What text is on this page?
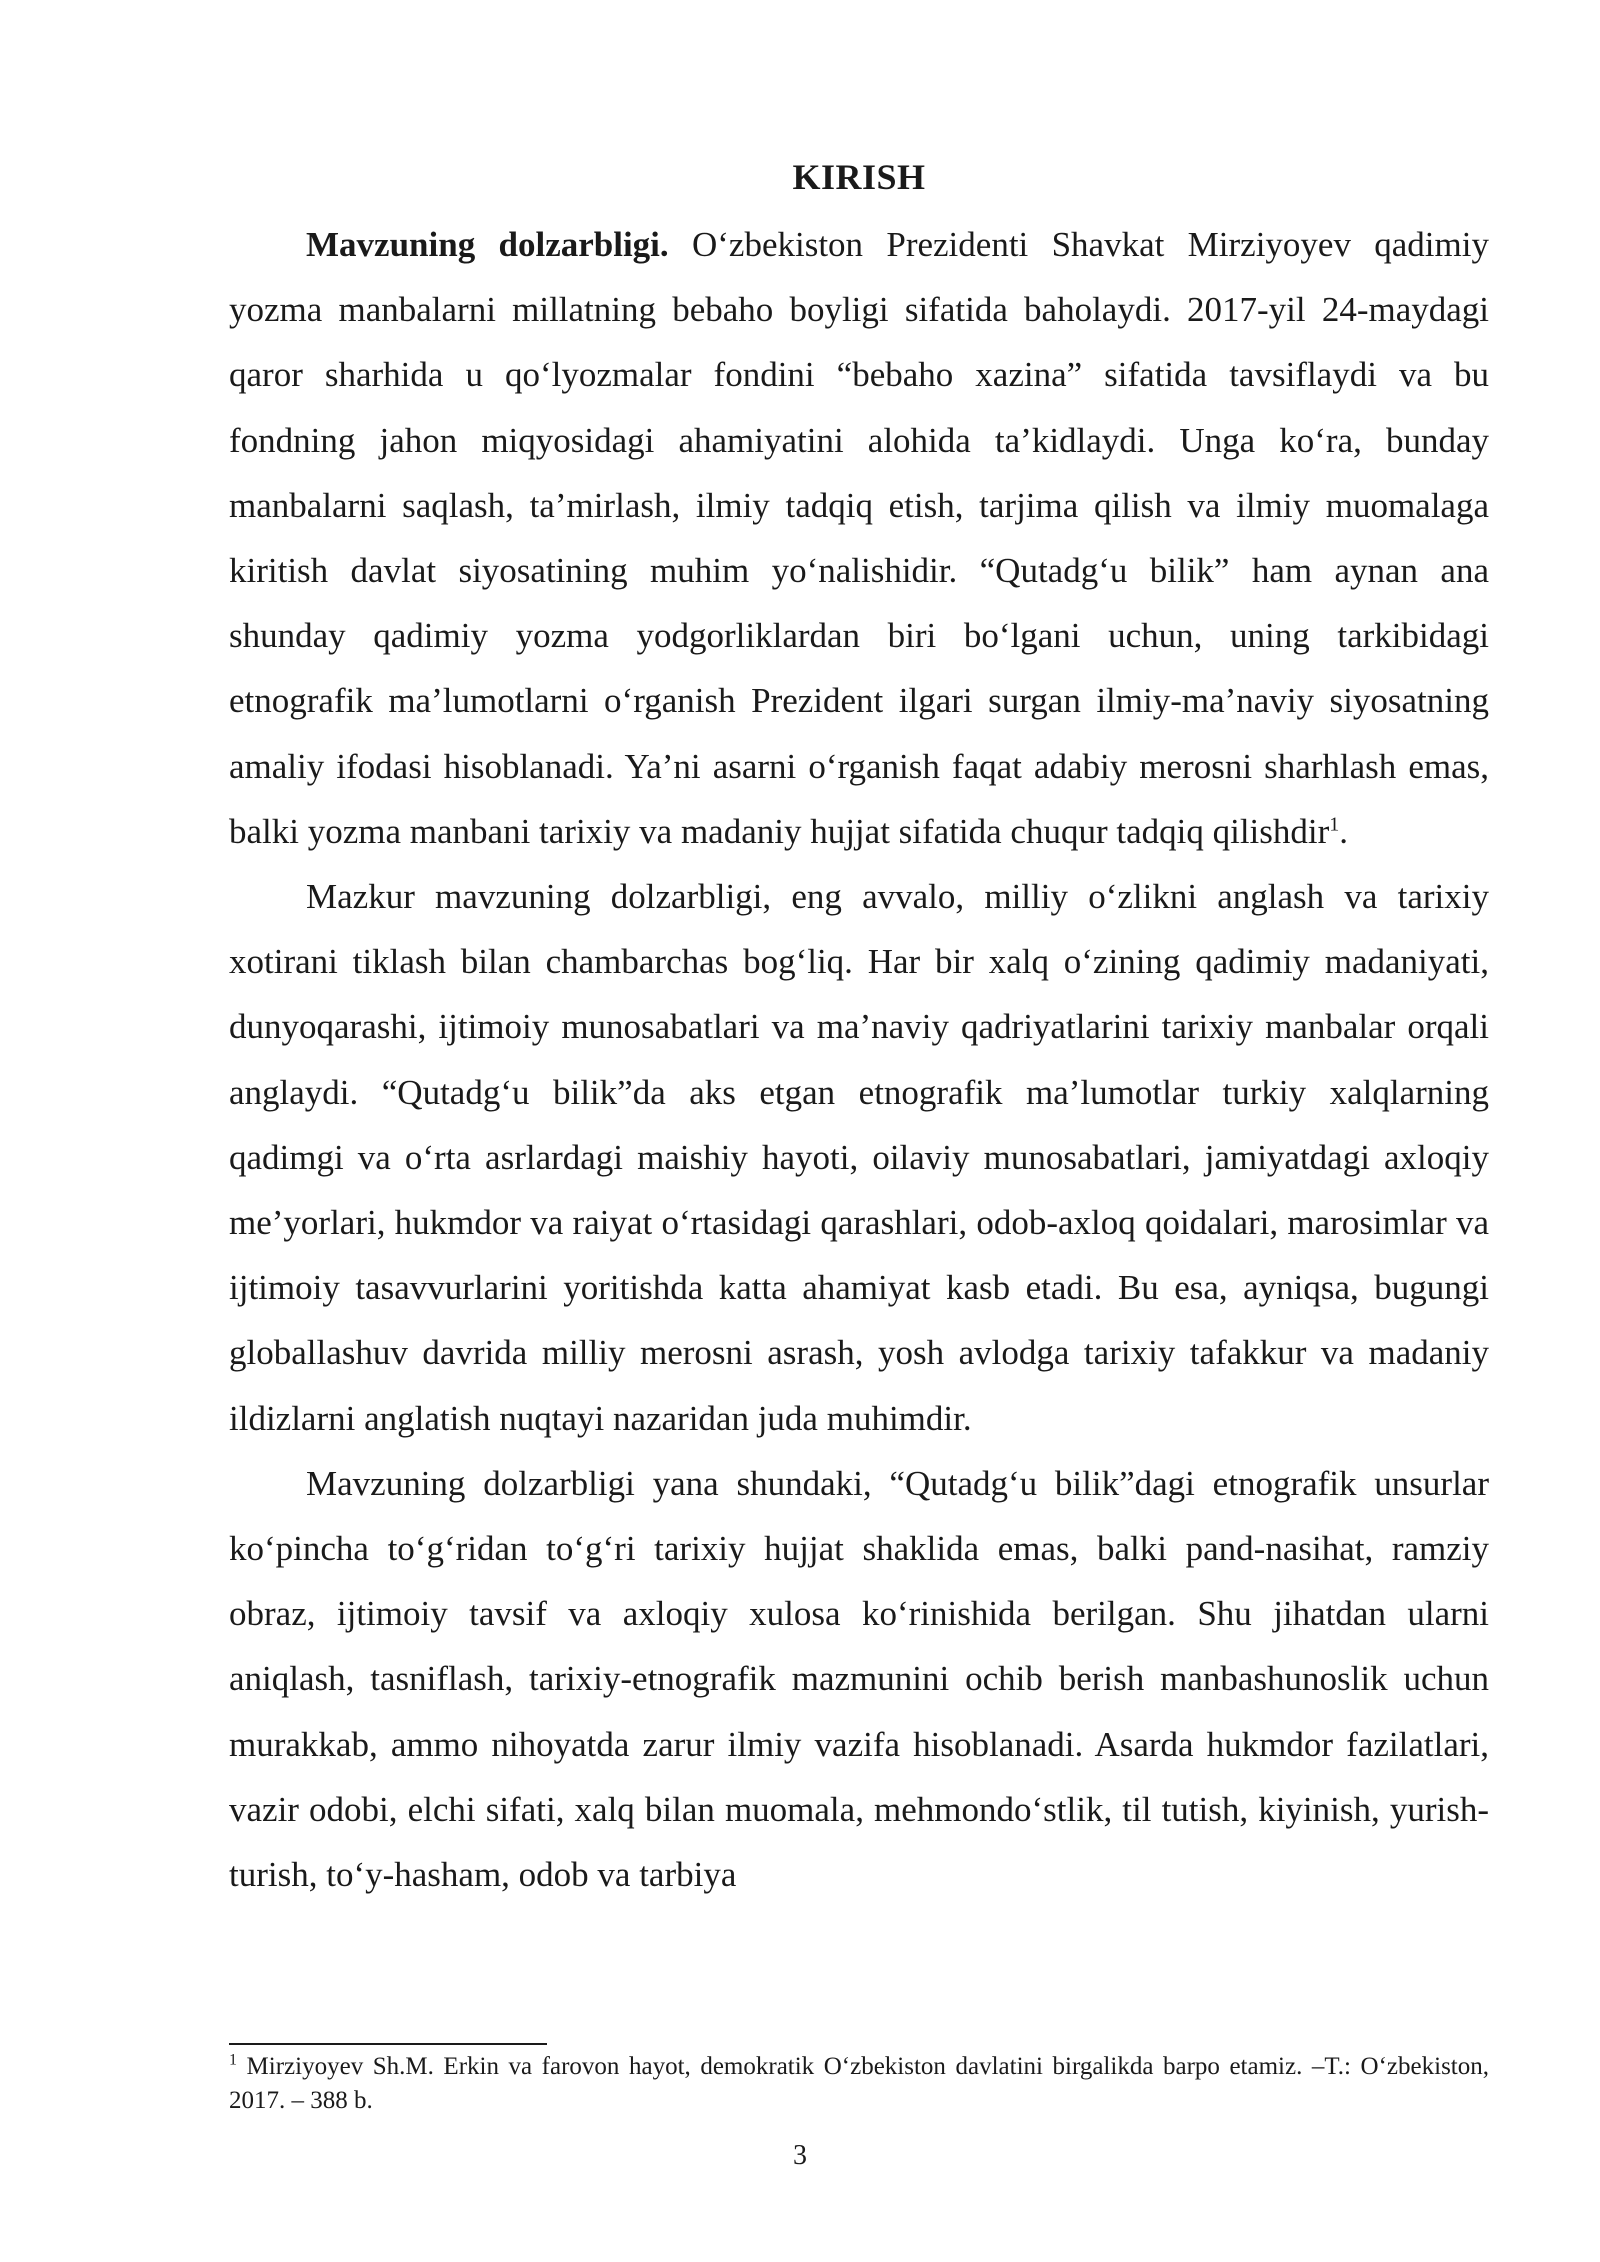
KIRISH

Mavzuning dolzarbligi. O‘zbekiston Prezidenti Shavkat Mirziyoyev qadimiy yozma manbalarni millatning bebaho boyligi sifatida baholaydi. 2017-yil 24-maydagi qaror sharhida u qo‘lyozmalar fondini “bebaho xazina” sifatida tavsiflaydi va bu fondning jahon miqyosidagi ahamiyatini alohida ta’kidlaydi. Unga ko‘ra, bunday manbalarni saqlash, ta’mirlash, ilmiy tadqiq etish, tarjima qilish va ilmiy muomalaga kiritish davlat siyosatining muhim yo‘nalishidir. “Qutadg‘u bilik” ham aynan ana shunday qadimiy yozma yodgorliklardan biri bo‘lgani uchun, uning tarkibidagi etnografik ma’lumotlarni o‘rganish Prezident ilgari surgan ilmiy-ma’naviy siyosatning amaliy ifodasi hisoblanadi. Ya’ni asarni o‘rganish faqat adabiy merosni sharhlash emas, balki yozma manbani tarixiy va madaniy hujjat sifatida chuqur tadqiq qilishdir$^1$.

Mazkur mavzuning dolzarbligi, eng avvalo, milliy o‘zlikni anglash va tarixiy xotirani tiklash bilan chambarchas bog‘liq. Har bir xalq o‘zining qadimiy madaniyati, dunyoqarashi, ijtimoiy munosabatlari va ma’naviy qadriyatlarini tarixiy manbalar orqali anglaydi. “Qutadg‘u bilik”da aks etgan etnografik ma’lumotlar turkiy xalqlarning qadimgi va o‘rta asrlardagi maishiy hayoti, oilaviy munosabatlari, jamiyatdagi axloqiy me’yorlari, hukmdor va raiyat o‘rtasidagi qarashlari, odob-axloq qoidalari, marosimlar va ijtimoiy tasavvurlarini yoritishda katta ahamiyat kasb etadi. Bu esa, ayniqsa, bugungi globallashuv davrida milliy merosni asrash, yosh avlodga tarixiy tafakkur va madaniy ildizlarni anglatish nuqtayi nazaridan juda muhimdir.

Mavzuning dolzarbligi yana shundaki, “Qutadg‘u bilik”dagi etnografik unsurlar ko‘pincha to‘g‘ridan to‘g‘ri tarixiy hujjat shaklida emas, balki pand-nasihat, ramziy obraz, ijtimoiy tavsif va axloqiy xulosa ko‘rinishida berilgan. Shu jihatdan ularni aniqlash, tasniflash, tarixiy-etnografik mazmunini ochib berish manbashunoslik uchun murakkab, ammo nihoyatda zarur ilmiy vazifa hisoblanadi. Asarda hukmdor fazilatlari, vazir odobi, elchi sifati, xalq bilan muomala, mehmondo‘stlik, til tutish, kiyinish, yurish-turish, to‘y-hasham, odob va tarbiya

$^1$ Mirziyoyev Sh.M. Erkin va farovon hayot, demokratik O‘zbekiston davlatini birgalikda barpo etamiz. –T.: O‘zbekiston, 2017. – 388 b.
3
